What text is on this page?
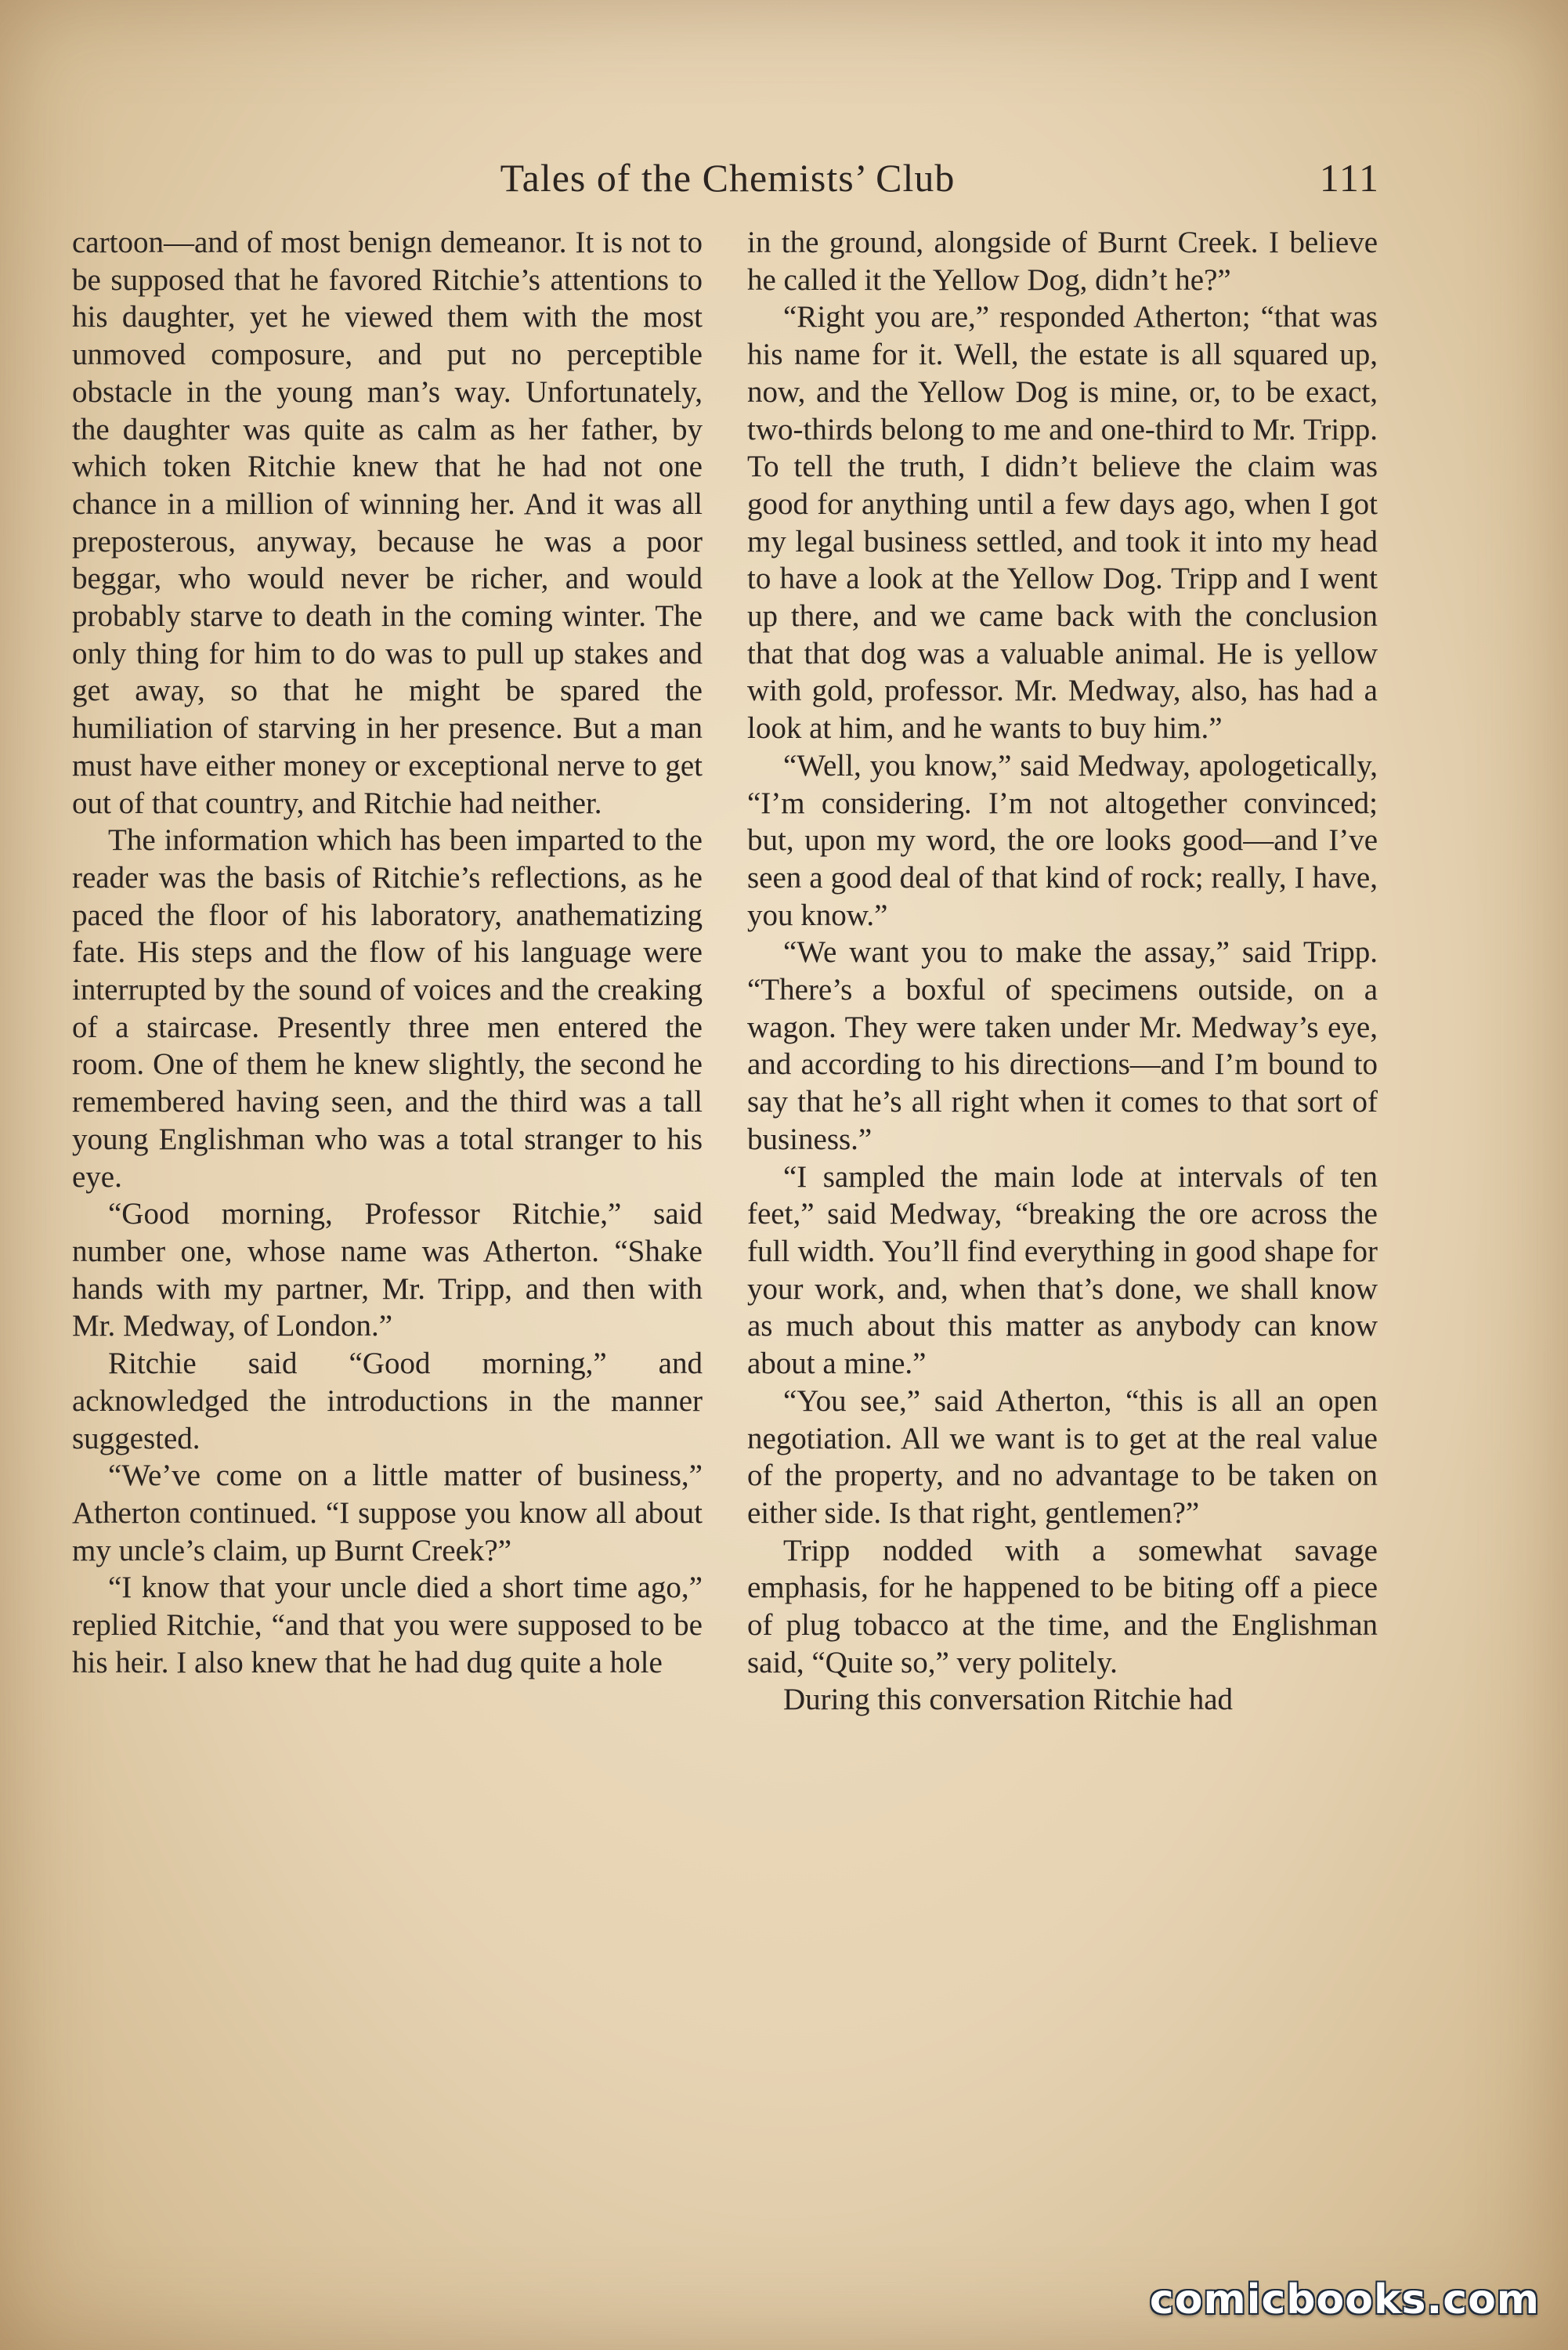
Tales of the Chemists’ Club	111

cartoon—and of most benign demeanor. It is not to be supposed that he favored Ritchie’s attentions to his daughter, yet he viewed them with the most unmoved composure, and put no perceptible obstacle in the young man’s way. Unfortunately, the daughter was quite as calm as her father, by which token Ritchie knew that he had not one chance in a million of winning her. And it was all preposterous, anyway, because he was a poor beggar, who would never be richer, and would probably starve to death in the coming winter. The only thing for him to do was to pull up stakes and get away, so that he might be spared the humiliation of starving in her presence. But a man must have either money or exceptional nerve to get out of that country, and Ritchie had neither.

The information which has been imparted to the reader was the basis of Ritchie’s reflections, as he paced the floor of his laboratory, anathematizing fate. His steps and the flow of his language were interrupted by the sound of voices and the creaking of a staircase. Presently three men entered the room. One of them he knew slightly, the second he remembered having seen, and the third was a tall young Englishman who was a total stranger to his eye.

“Good morning, Professor Ritchie,” said number one, whose name was Atherton. “Shake hands with my partner, Mr. Tripp, and then with Mr. Medway, of London.”

Ritchie said “Good morning,” and acknowledged the introductions in the manner suggested.

“We’ve come on a little matter of business,” Atherton continued. “I suppose you know all about my uncle’s claim, up Burnt Creek?”

“I know that your uncle died a short time ago,” replied Ritchie, “and that you were supposed to be his heir. I also knew that he had dug quite a hole

in the ground, alongside of Burnt Creek. I believe he called it the Yellow Dog, didn’t he?”

“Right you are,” responded Atherton; “that was his name for it. Well, the estate is all squared up, now, and the Yellow Dog is mine, or, to be exact, two-thirds belong to me and one-third to Mr. Tripp. To tell the truth, I didn’t believe the claim was good for anything until a few days ago, when I got my legal business settled, and took it into my head to have a look at the Yellow Dog. Tripp and I went up there, and we came back with the conclusion that that dog was a valuable animal. He is yellow with gold, professor. Mr. Medway, also, has had a look at him, and he wants to buy him.”

“Well, you know,” said Medway, apologetically, “I’m considering. I’m not altogether convinced; but, upon my word, the ore looks good—and I’ve seen a good deal of that kind of rock; really, I have, you know.”

“We want you to make the assay,” said Tripp. “There’s a boxful of specimens outside, on a wagon. They were taken under Mr. Medway’s eye, and according to his directions—and I’m bound to say that he’s all right when it comes to that sort of business.”

“I sampled the main lode at intervals of ten feet,” said Medway, “breaking the ore across the full width. You’ll find everything in good shape for your work, and, when that’s done, we shall know as much about this matter as anybody can know about a mine.”

“You see,” said Atherton, “this is all an open negotiation. All we want is to get at the real value of the property, and no advantage to be taken on either side. Is that right, gentlemen?”

Tripp nodded with a somewhat savage emphasis, for he happened to be biting off a piece of plug tobacco at the time, and the Englishman said, “Quite so,” very politely.

During this conversation Ritchie had

comicbooks.com
